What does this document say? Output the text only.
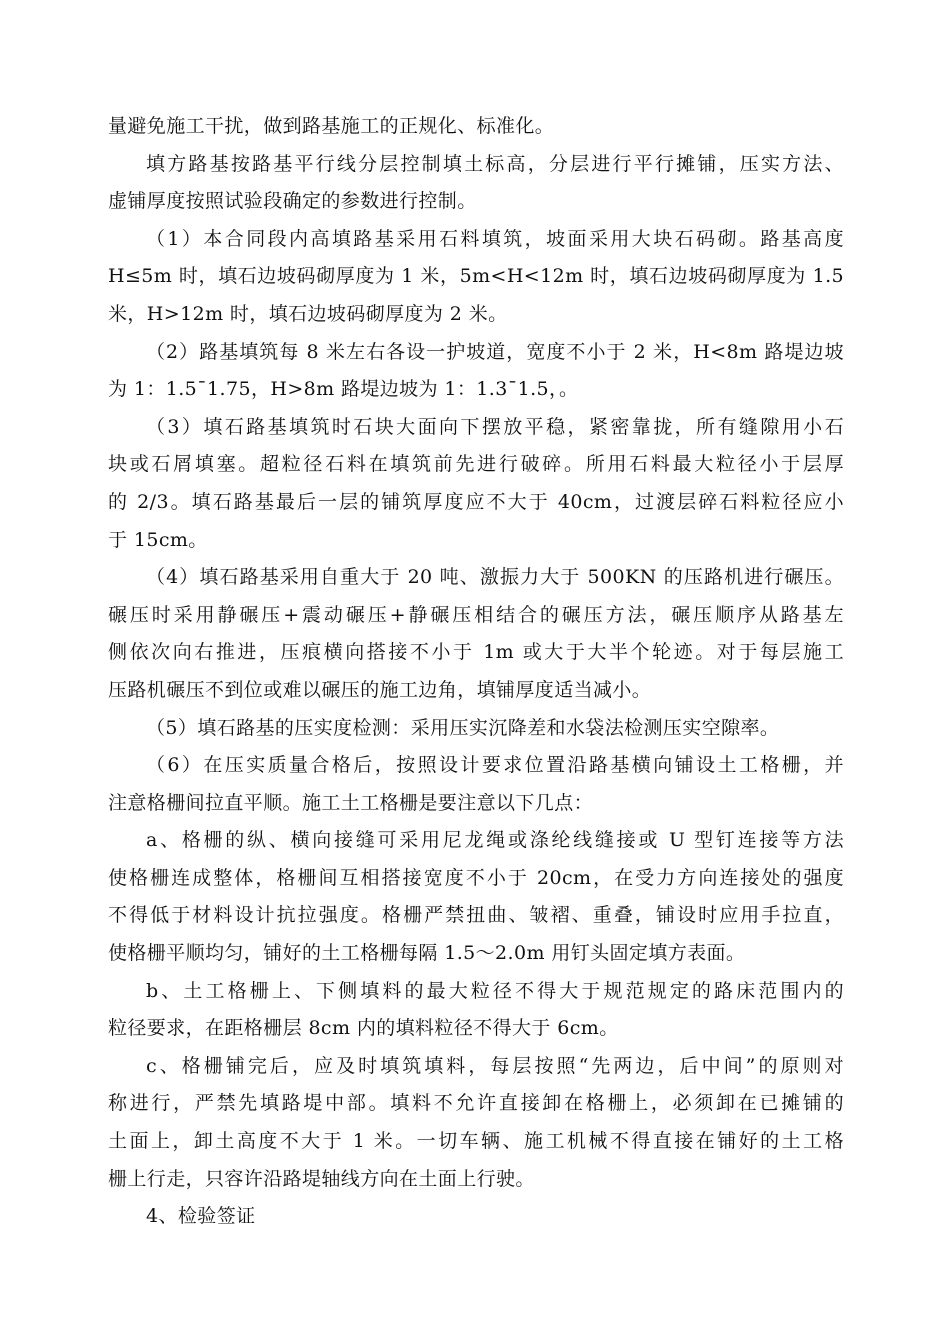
量避免施工干扰，做到路基施工的正规化、标准化。
填方路基按路基平行线分层控制填土标高，分层进行平行摊铺，压实方法、
虚铺厚度按照试验段确定的参数进行控制。
（1）本合同段内高填路基采用石料填筑，坡面采用大块石码砌。路基高度
H≤5m 时，填石边坡码砌厚度为 1 米，5m<H<12m 时，填石边坡码砌厚度为 1.5
米，H>12m 时，填石边坡码砌厚度为 2 米。
（2）路基填筑每 8 米左右各设一护坡道，宽度不小于 2 米，H<8m 路堤边坡
为 1：1.5¯1.75，H>8m 路堤边坡为 1：1.3¯1.5，。
（3）填石路基填筑时石块大面向下摆放平稳，紧密靠拢，所有缝隙用小石
块或石屑填塞。超粒径石料在填筑前先进行破碎。所用石料最大粒径小于层厚
的 2/3。填石路基最后一层的铺筑厚度应不大于 40cm，过渡层碎石料粒径应小
于 15cm。
（4）填石路基采用自重大于 20 吨、激振力大于 500KN 的压路机进行碾压。
碾压时采用静碾压+震动碾压+静碾压相结合的碾压方法，碾压顺序从路基左
侧依次向右推进，压痕横向搭接不小于 1m 或大于大半个轮迹。对于每层施工
压路机碾压不到位或难以碾压的施工边角，填铺厚度适当减小。
（5）填石路基的压实度检测：采用压实沉降差和水袋法检测压实空隙率。
（6）在压实质量合格后，按照设计要求位置沿路基横向铺设土工格栅，并
注意格栅间拉直平顺。施工土工格栅是要注意以下几点：
a、格栅的纵、横向接缝可采用尼龙绳或涤纶线缝接或 U 型钉连接等方法
使格栅连成整体，格栅间互相搭接宽度不小于 20cm，在受力方向连接处的强度
不得低于材料设计抗拉强度。格栅严禁扭曲、皱褶、重叠，铺设时应用手拉直，
使格栅平顺均匀，铺好的土工格栅每隔 1.5～2.0m 用钉头固定填方表面。
b、土工格栅上、下侧填料的最大粒径不得大于规范规定的路床范围内的
粒径要求，在距格栅层 8cm 内的填料粒径不得大于 6cm。
c、格栅铺完后，应及时填筑填料，每层按照“先两边，后中间”的原则对
称进行，严禁先填路堤中部。填料不允许直接卸在格栅上，必须卸在已摊铺的
土面上，卸土高度不大于 1 米。一切车辆、施工机械不得直接在铺好的土工格
栅上行走，只容许沿路堤轴线方向在土面上行驶。
4、检验签证
